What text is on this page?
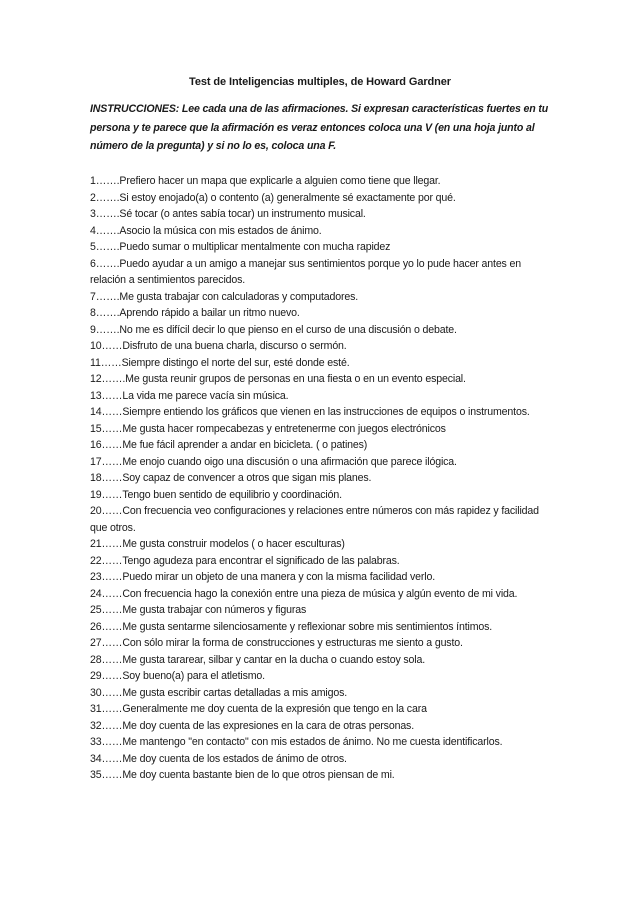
Test de Inteligencias multiples, de Howard Gardner
INSTRUCCIONES: Lee cada una de las afirmaciones. Si expresan características fuertes en tu persona y te parece que la afirmación es veraz entonces coloca una V (en una hoja junto al número de la pregunta) y si no lo es, coloca una F.
1…….Prefiero hacer un mapa que explicarle a alguien como tiene que llegar.
2…….Si estoy enojado(a) o contento (a) generalmente sé exactamente por qué.
3…….Sé tocar (o antes sabía tocar) un instrumento musical.
4…….Asocio la música con mis estados de ánimo.
5…….Puedo sumar o multiplicar mentalmente con mucha rapidez
6…….Puedo ayudar a un amigo a manejar sus sentimientos porque yo lo pude hacer antes en relación a sentimientos parecidos.
7…….Me gusta trabajar con calculadoras y computadores.
8…….Aprendo rápido a bailar un ritmo nuevo.
9…….No me es difícil decir lo que pienso en el curso de una discusión o debate.
10……Disfruto de una buena charla, discurso o sermón.
11……Siempre distingo el norte del sur, esté donde esté.
12…….Me gusta reunir grupos de personas en una fiesta o en un evento especial.
13……La vida me parece vacía sin música.
14……Siempre entiendo los gráficos que vienen en las instrucciones de equipos o instrumentos.
15……Me gusta hacer rompecabezas y entretenerme con juegos electrónicos
16……Me fue fácil aprender a andar en bicicleta. ( o patines)
17……Me enojo cuando oigo una discusión o una afirmación que parece ilógica.
18……Soy capaz de convencer a otros que sigan mis planes.
19……Tengo buen sentido de equilibrio y coordinación.
20……Con frecuencia veo configuraciones y relaciones entre números con más rapidez y facilidad que otros.
21……Me gusta construir modelos ( o hacer esculturas)
22……Tengo agudeza para encontrar el significado de las palabras.
23……Puedo mirar un objeto de una manera y con la misma facilidad verlo.
24……Con frecuencia hago la conexión entre una pieza de música y algún evento de mi vida.
25……Me gusta trabajar con números y figuras
26……Me gusta sentarme silenciosamente y reflexionar sobre mis sentimientos íntimos.
27……Con sólo mirar la forma de construcciones y estructuras me siento a gusto.
28……Me gusta tararear, silbar y cantar en la ducha o cuando estoy sola.
29……Soy bueno(a) para el atletismo.
30……Me gusta escribir cartas detalladas a mis amigos.
31……Generalmente me doy cuenta de la expresión que tengo en la cara
32……Me doy cuenta de las expresiones en la cara de otras personas.
33……Me mantengo "en contacto" con mis estados de ánimo. No me cuesta identificarlos.
34……Me doy cuenta de los estados de ánimo de otros.
35……Me doy cuenta bastante bien de lo que otros piensan de mi.
